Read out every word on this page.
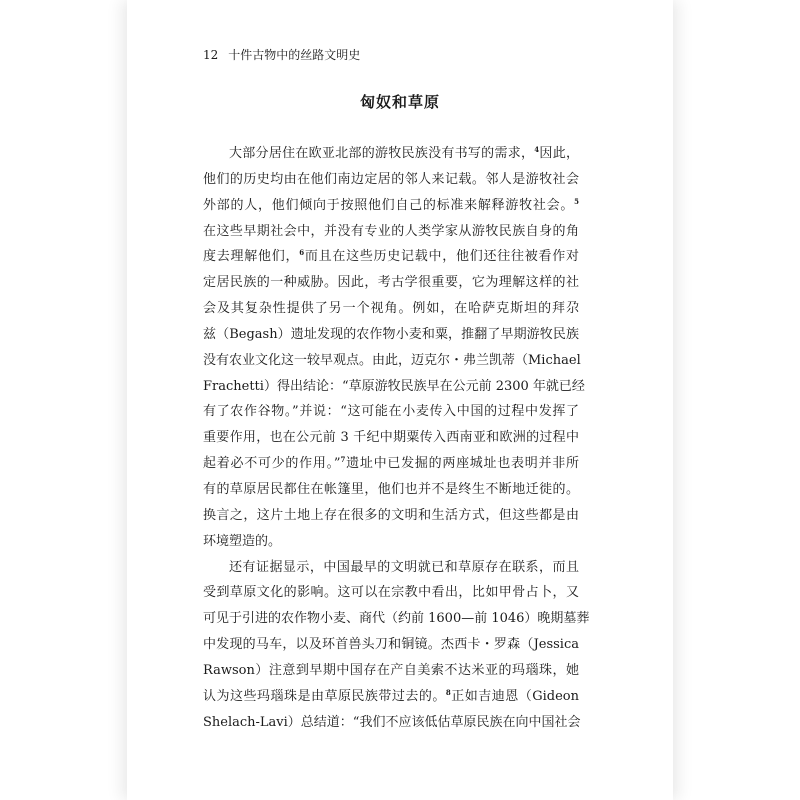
12 十件古物中的丝路文明史
匈奴和草原
大部分居住在欧亚北部的游牧民族没有书写的需求，$^4$因此，
他们的历史均由在他们南边定居的邻人来记载。邻人是游牧社会
外部的人，他们倾向于按照他们自己的标准来解释游牧社会。$^5$
在这些早期社会中，并没有专业的人类学家从游牧民族自身的角
度去理解他们，$^6$而且在这些历史记载中，他们还往往被看作对
定居民族的一种威胁。因此，考古学很重要，它为理解这样的社
会及其复杂性提供了另一个视角。例如，在哈萨克斯坦的拜尕
兹（Begash）遗址发现的农作物小麦和粟，推翻了早期游牧民族
没有农业文化这一较早观点。由此，迈克尔・弗兰凯蒂（Michael
Frachetti）得出结论：“草原游牧民族早在公元前 2300 年就已经
有了农作谷物。”并说：“这可能在小麦传入中国的过程中发挥了
重要作用，也在公元前 3 千纪中期粟传入西南亚和欧洲的过程中
起着必不可少的作用。”$^7$遗址中已发掘的两座城址也表明并非所
有的草原居民都住在帐篷里，他们也并不是终生不断地迁徙的。
换言之，这片土地上存在很多的文明和生活方式，但这些都是由
环境塑造的。
还有证据显示，中国最早的文明就已和草原存在联系，而且
受到草原文化的影响。这可以在宗教中看出，比如甲骨占卜，又
可见于引进的农作物小麦、商代（约前 1600—前 1046）晚期墓葬
中发现的马车，以及环首兽头刀和铜镜。杰西卡・罗森（Jessica
Rawson）注意到早期中国存在产自美索不达米亚的玛瑙珠，她
认为这些玛瑙珠是由草原民族带过去的。$^8$正如吉迪恩（Gideon
Shelach-Lavi）总结道：“我们不应该低估草原民族在向中国社会
